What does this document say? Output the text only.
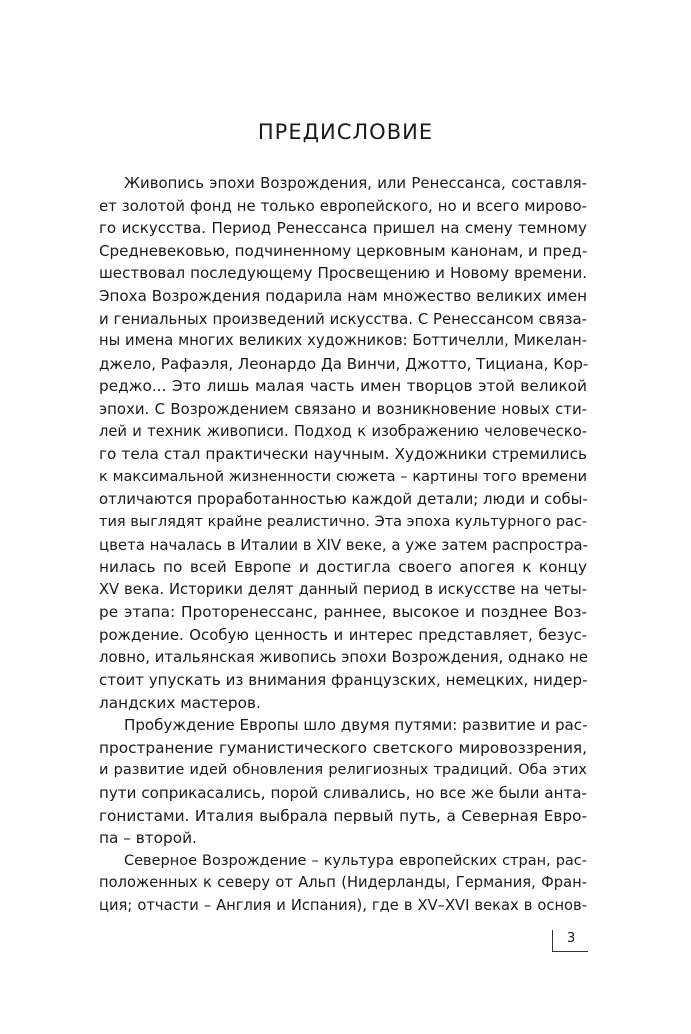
ПРЕДИСЛОВИЕ

Живопись эпохи Возрождения, или Ренессанса, составля-
ет золотой фонд не только европейского, но и всего мирово-
го искусства. Период Ренессанса пришел на смену темному
Средневековью, подчиненному церковным канонам, и пред-
шествовал последующему Просвещению и Новому времени.
Эпоха Возрождения подарила нам множество великих имен
и гениальных произведений искусства. С Ренессансом связа-
ны имена многих великих художников: Боттичелли, Микелан-
джело, Рафаэля, Леонардо Да Винчи, Джотто, Тициана, Кор-
реджо... Это лишь малая часть имен творцов этой великой
эпохи. С Возрождением связано и возникновение новых сти-
лей и техник живописи. Подход к изображению человеческо-
го тела стал практически научным. Художники стремились
к максимальной жизненности сюжета – картины того времени
отличаются проработанностью каждой детали; люди и собы-
тия выглядят крайне реалистично. Эта эпоха культурного рас-
цвета началась в Италии в XIV веке, а уже затем распростра-
нилась по всей Европе и достигла своего апогея к концу
XV века. Историки делят данный период в искусстве на четы-
ре этапа: Проторенессанс, раннее, высокое и позднее Воз-
рождение. Особую ценность и интерес представляет, безус-
ловно, итальянская живопись эпохи Возрождения, однако не
стоит упускать из внимания французских, немецких, нидер-
ландских мастеров.

Пробуждение Европы шло двумя путями: развитие и рас-
пространение гуманистического светского мировоззрения,
и развитие идей обновления религиозных традиций. Оба этих
пути соприкасались, порой сливались, но все же были анта-
гонистами. Италия выбрала первый путь, а Северная Евро-
па – второй.

Северное Возрождение – культура европейских стран, рас-
положенных к северу от Альп (Нидерланды, Германия, Фран-
ция; отчасти – Англия и Испания), где в XV–XVI веках в основ-

3
